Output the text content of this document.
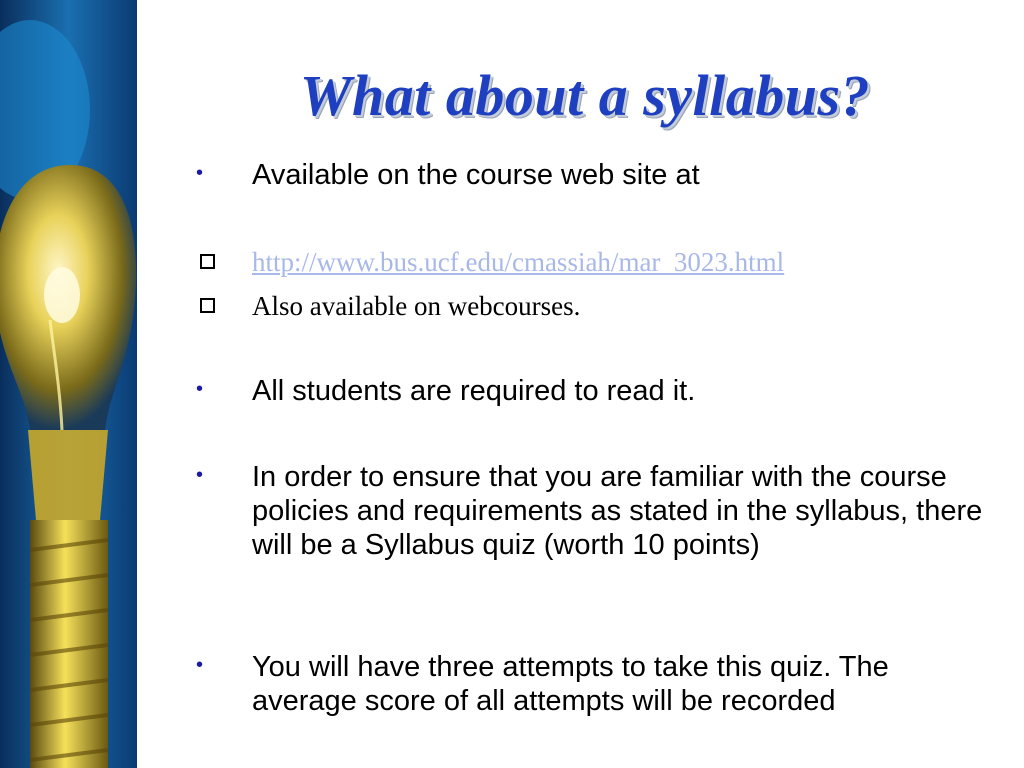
What about a syllabus?
•	Available on the course web site at
http://www.bus.ucf.edu/cmassiah/mar_3023.html
Also available on webcourses.
•	All students are required to read it.
•	In order to ensure that you are familiar with the course policies and requirements as stated in the syllabus, there will be a Syllabus quiz (worth 10 points)
•	You will have three attempts to take this quiz. The average score of all attempts will be recorded
